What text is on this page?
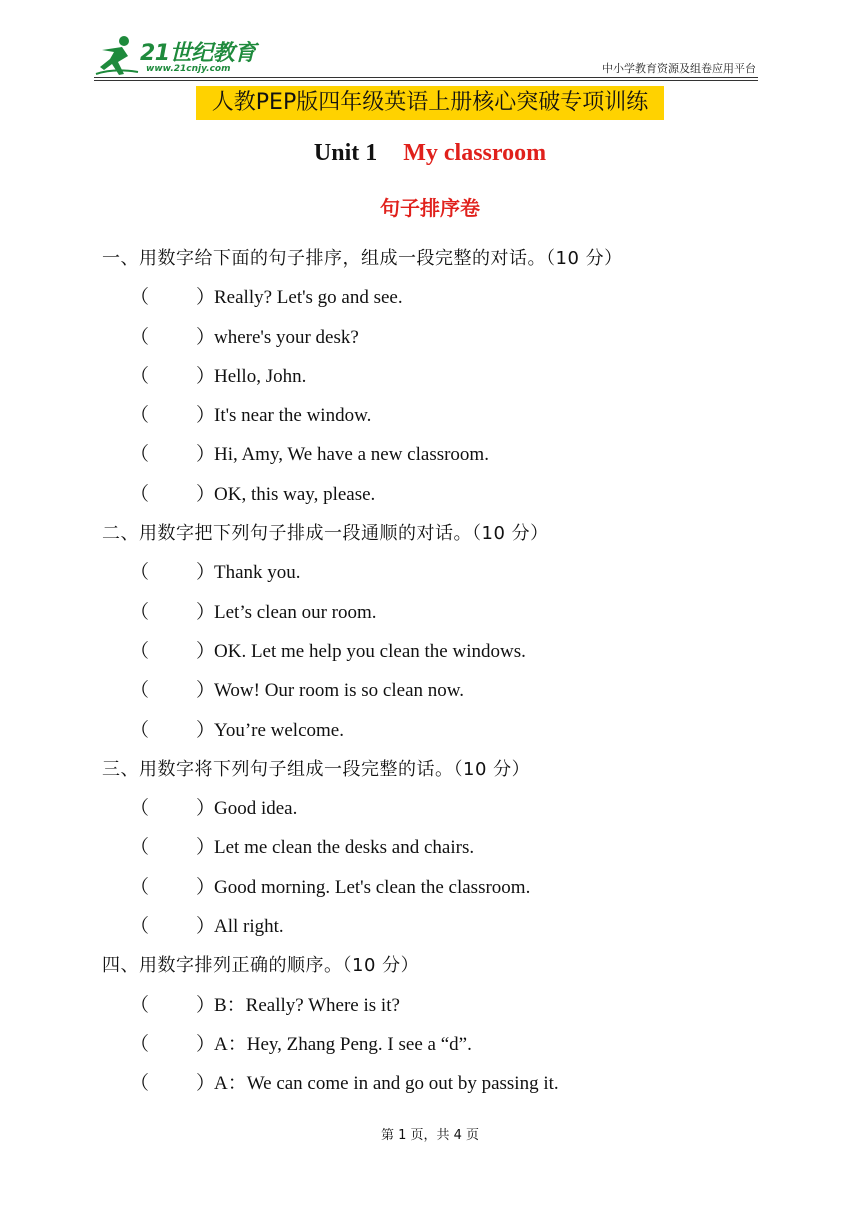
21世纪教育
www.21cnjy.com	中小学教育资源及组卷应用平台
人教PEP版四年级英语上册核心突破专项训练
Unit 1 My classroom
句子排序卷
一、用数字给下面的句子排序，组成一段完整的对话。（10 分）
（ ）Really? Let's go and see.
（ ）where's your desk?
（ ）Hello, John.
（ ）It's near the window.
（ ）Hi, Amy, We have a new classroom.
（ ）OK, this way, please.
二、用数字把下列句子排成一段通顺的对话。（10 分）
（ ）Thank you.
（ ）Let’s clean our room.
（ ）OK. Let me help you clean the windows.
（ ）Wow! Our room is so clean now.
（ ）You’re welcome.
三、用数字将下列句子组成一段完整的话。（10 分）
（ ）Good idea.
（ ）Let me clean the desks and chairs.
（ ）Good morning. Let's clean the classroom.
（ ）All right.
四、用数字排列正确的顺序。（10 分）
（ ）B：Really? Where is it?
（ ）A：Hey, Zhang Peng. I see a “d”.
（ ）A：We can come in and go out by passing it.
第 1 页，共 4 页
